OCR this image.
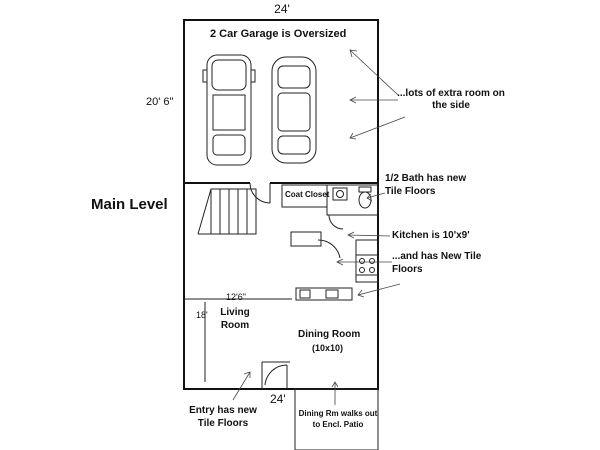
24'
2 Car Garage is Oversized
20' 6"
...lots of extra room on the side
Main Level
Coat Closet
1/2 Bath has new Tile Floors
Kitchen is 10'x9'
...and has New Tile Floors
12'6"
18'	Living Room
Dining Room
(10x10)
24'
Entry has new Tile Floors
Dining Rm walks out to Encl. Patio
